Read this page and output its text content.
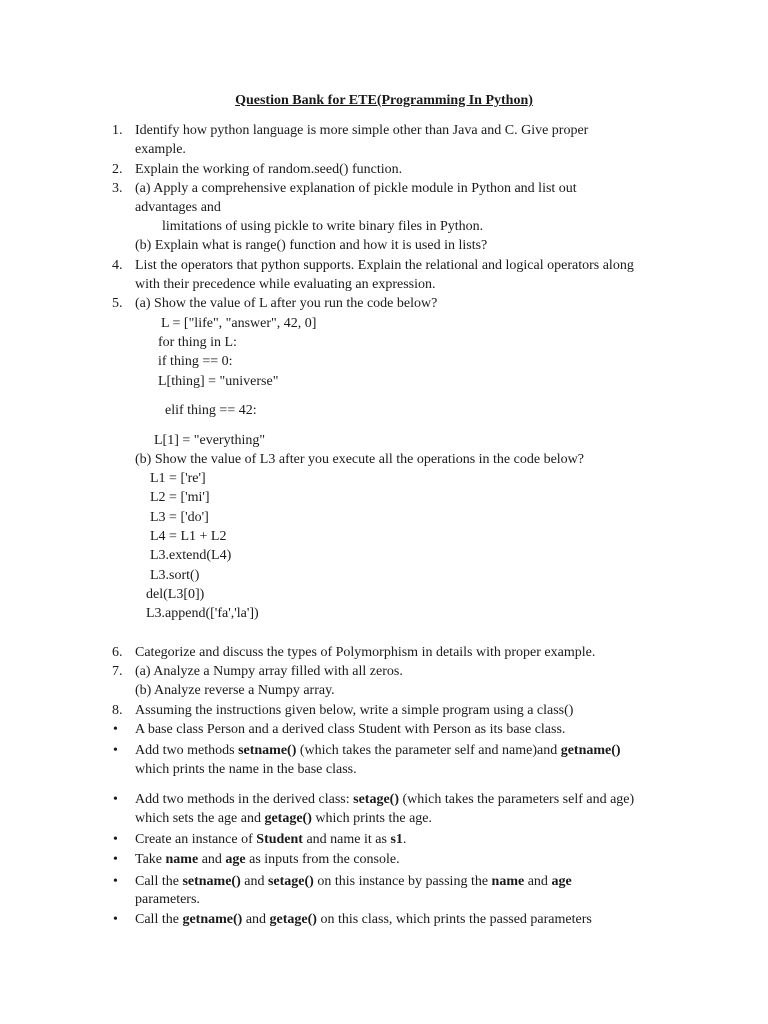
Question Bank for ETE(Programming In Python)
1. Identify how python language is more simple other than Java and C. Give proper
example.
2. Explain the working of random.seed() function.
3. (a) Apply a comprehensive explanation of pickle module in Python and list out
advantages and
limitations of using pickle to write binary files in Python.
(b) Explain what is range() function and how it is used in lists?
4. List the operators that python supports. Explain the relational and logical operators along
with their precedence while evaluating an expression.
5. (a) Show the value of L after you run the code below?
L = ["life", "answer", 42, 0]
for thing in L:
if thing == 0:
L[thing] = "universe"
elif thing == 42:
L[1] = "everything"
(b) Show the value of L3 after you execute all the operations in the code below?
L1 = ['re']
L2 = ['mi']
L3 = ['do']
L4 = L1 + L2
L3.extend(L4)
L3.sort()
del(L3[0])
L3.append(['fa','la'])
6. Categorize and discuss the types of Polymorphism in details with proper example.
7. (a) Analyze a Numpy array filled with all zeros.
(b) Analyze reverse a Numpy array.
8. Assuming the instructions given below, write a simple program using a class()
• A base class Person and a derived class Student with Person as its base class.
• Add two methods setname() (which takes the parameter self and name)and getname()
which prints the name in the base class.
• Add two methods in the derived class: setage() (which takes the parameters self and age)
which sets the age and getage() which prints the age.
• Create an instance of Student and name it as s1.
• Take name and age as inputs from the console.
• Call the setname() and setage() on this instance by passing the name and age
parameters.
• Call the getname() and getage() on this class, which prints the passed parameters
